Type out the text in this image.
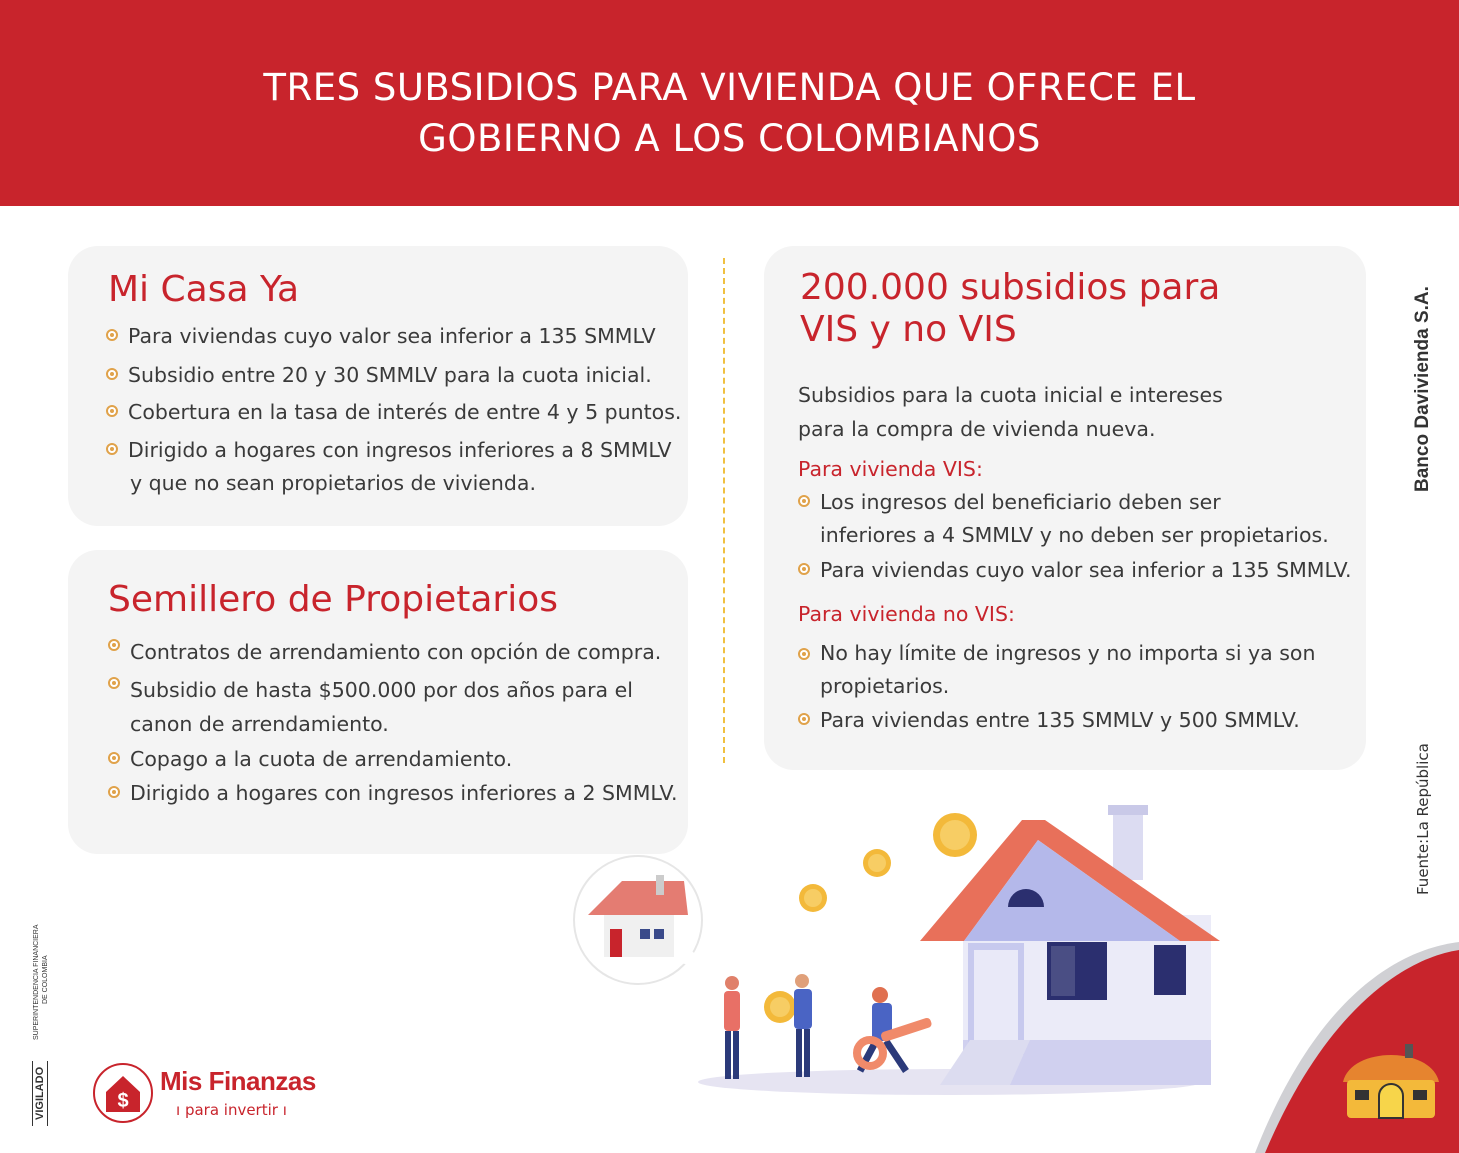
TRES SUBSIDIOS PARA VIVIENDA QUE OFRECE EL
GOBIERNO A LOS COLOMBIANOS
Mi Casa Ya
Para viviendas cuyo valor sea inferior a 135 SMMLV
Subsidio entre 20 y 30 SMMLV para la cuota inicial.
Cobertura en la tasa de interés de entre 4 y 5 puntos.
Dirigido a hogares con ingresos inferiores a 8 SMMLV
y que no sean propietarios de vivienda.
Semillero de Propietarios
Contratos de arrendamiento con opción de compra.
Subsidio de hasta $500.000 por dos años para el
canon de arrendamiento.
Copago a la cuota de arrendamiento.
Dirigido a hogares con ingresos inferiores a 2 SMMLV.
200.000 subsidios para
VIS y no VIS
Subsidios para la cuota inicial e intereses
para la compra de vivienda nueva.
Para vivienda VIS:
Los ingresos del beneficiario deben ser
inferiores a 4 SMMLV y no deben ser propietarios.
Para viviendas cuyo valor sea inferior a 135 SMMLV.
Para vivienda no VIS:
No hay límite de ingresos y no importa si ya son
propietarios.
Para viviendas entre 135 SMMLV y 500 SMMLV.
Banco Davivienda S.A.
Fuente:La República
VIGILADO
SUPERINTENDENCIA FINANCIERA DE COLOMBIA
$
Mis Finanzas
ı para invertir ı
